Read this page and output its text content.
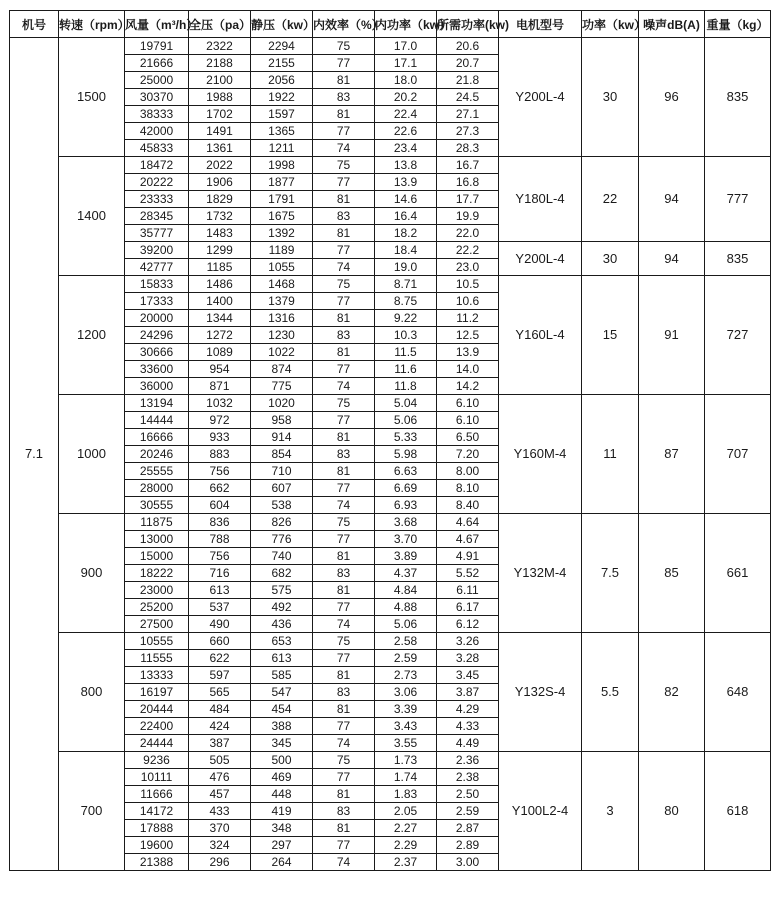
机号	转速（rpm）	风量（m³/h）	全压（pa）	静压（kw）	内效率（%）	内功率（kw）	所需功率(kw)	电机型号	功率（kw）	噪声dB(A)	重量（kg）
7.1	1500	19791	2322	2294	75	17.0	20.6	Y200L-4	30	96	835
		21666	2188	2155	77	17.1	20.7				
		25000	2100	2056	81	18.0	21.8				
		30370	1988	1922	83	20.2	24.5				
		38333	1702	1597	81	22.4	27.1				
		42000	1491	1365	77	22.6	27.3				
		45833	1361	1211	74	23.4	28.3				
	1400	18472	2022	1998	75	13.8	16.7	Y180L-4	22	94	777
		20222	1906	1877	77	13.9	16.8				
		23333	1829	1791	81	14.6	17.7				
		28345	1732	1675	83	16.4	19.9				
		35777	1483	1392	81	18.2	22.0				
		39200	1299	1189	77	18.4	22.2	Y200L-4	30	94	835
		42777	1185	1055	74	19.0	23.0				
	1200	15833	1486	1468	75	8.71	10.5	Y160L-4	15	91	727
		17333	1400	1379	77	8.75	10.6				
		20000	1344	1316	81	9.22	11.2				
		24296	1272	1230	83	10.3	12.5				
		30666	1089	1022	81	11.5	13.9				
		33600	954	874	77	11.6	14.0				
		36000	871	775	74	11.8	14.2				
	1000	13194	1032	1020	75	5.04	6.10	Y160M-4	11	87	707
		14444	972	958	77	5.06	6.10				
		16666	933	914	81	5.33	6.50				
		20246	883	854	83	5.98	7.20				
		25555	756	710	81	6.63	8.00				
		28000	662	607	77	6.69	8.10				
		30555	604	538	74	6.93	8.40				
	900	11875	836	826	75	3.68	4.64	Y132M-4	7.5	85	661
		13000	788	776	77	3.70	4.67				
		15000	756	740	81	3.89	4.91				
		18222	716	682	83	4.37	5.52				
		23000	613	575	81	4.84	6.11				
		25200	537	492	77	4.88	6.17				
		27500	490	436	74	5.06	6.12				
	800	10555	660	653	75	2.58	3.26	Y132S-4	5.5	82	648
		11555	622	613	77	2.59	3.28				
		13333	597	585	81	2.73	3.45				
		16197	565	547	83	3.06	3.87				
		20444	484	454	81	3.39	4.29				
		22400	424	388	77	3.43	4.33				
		24444	387	345	74	3.55	4.49				
	700	9236	505	500	75	1.73	2.36	Y100L2-4	3	80	618
		10111	476	469	77	1.74	2.38				
		11666	457	448	81	1.83	2.50				
		14172	433	419	83	2.05	2.59				
		17888	370	348	81	2.27	2.87				
		19600	324	297	77	2.29	2.89				
		21388	296	264	74	2.37	3.00				
